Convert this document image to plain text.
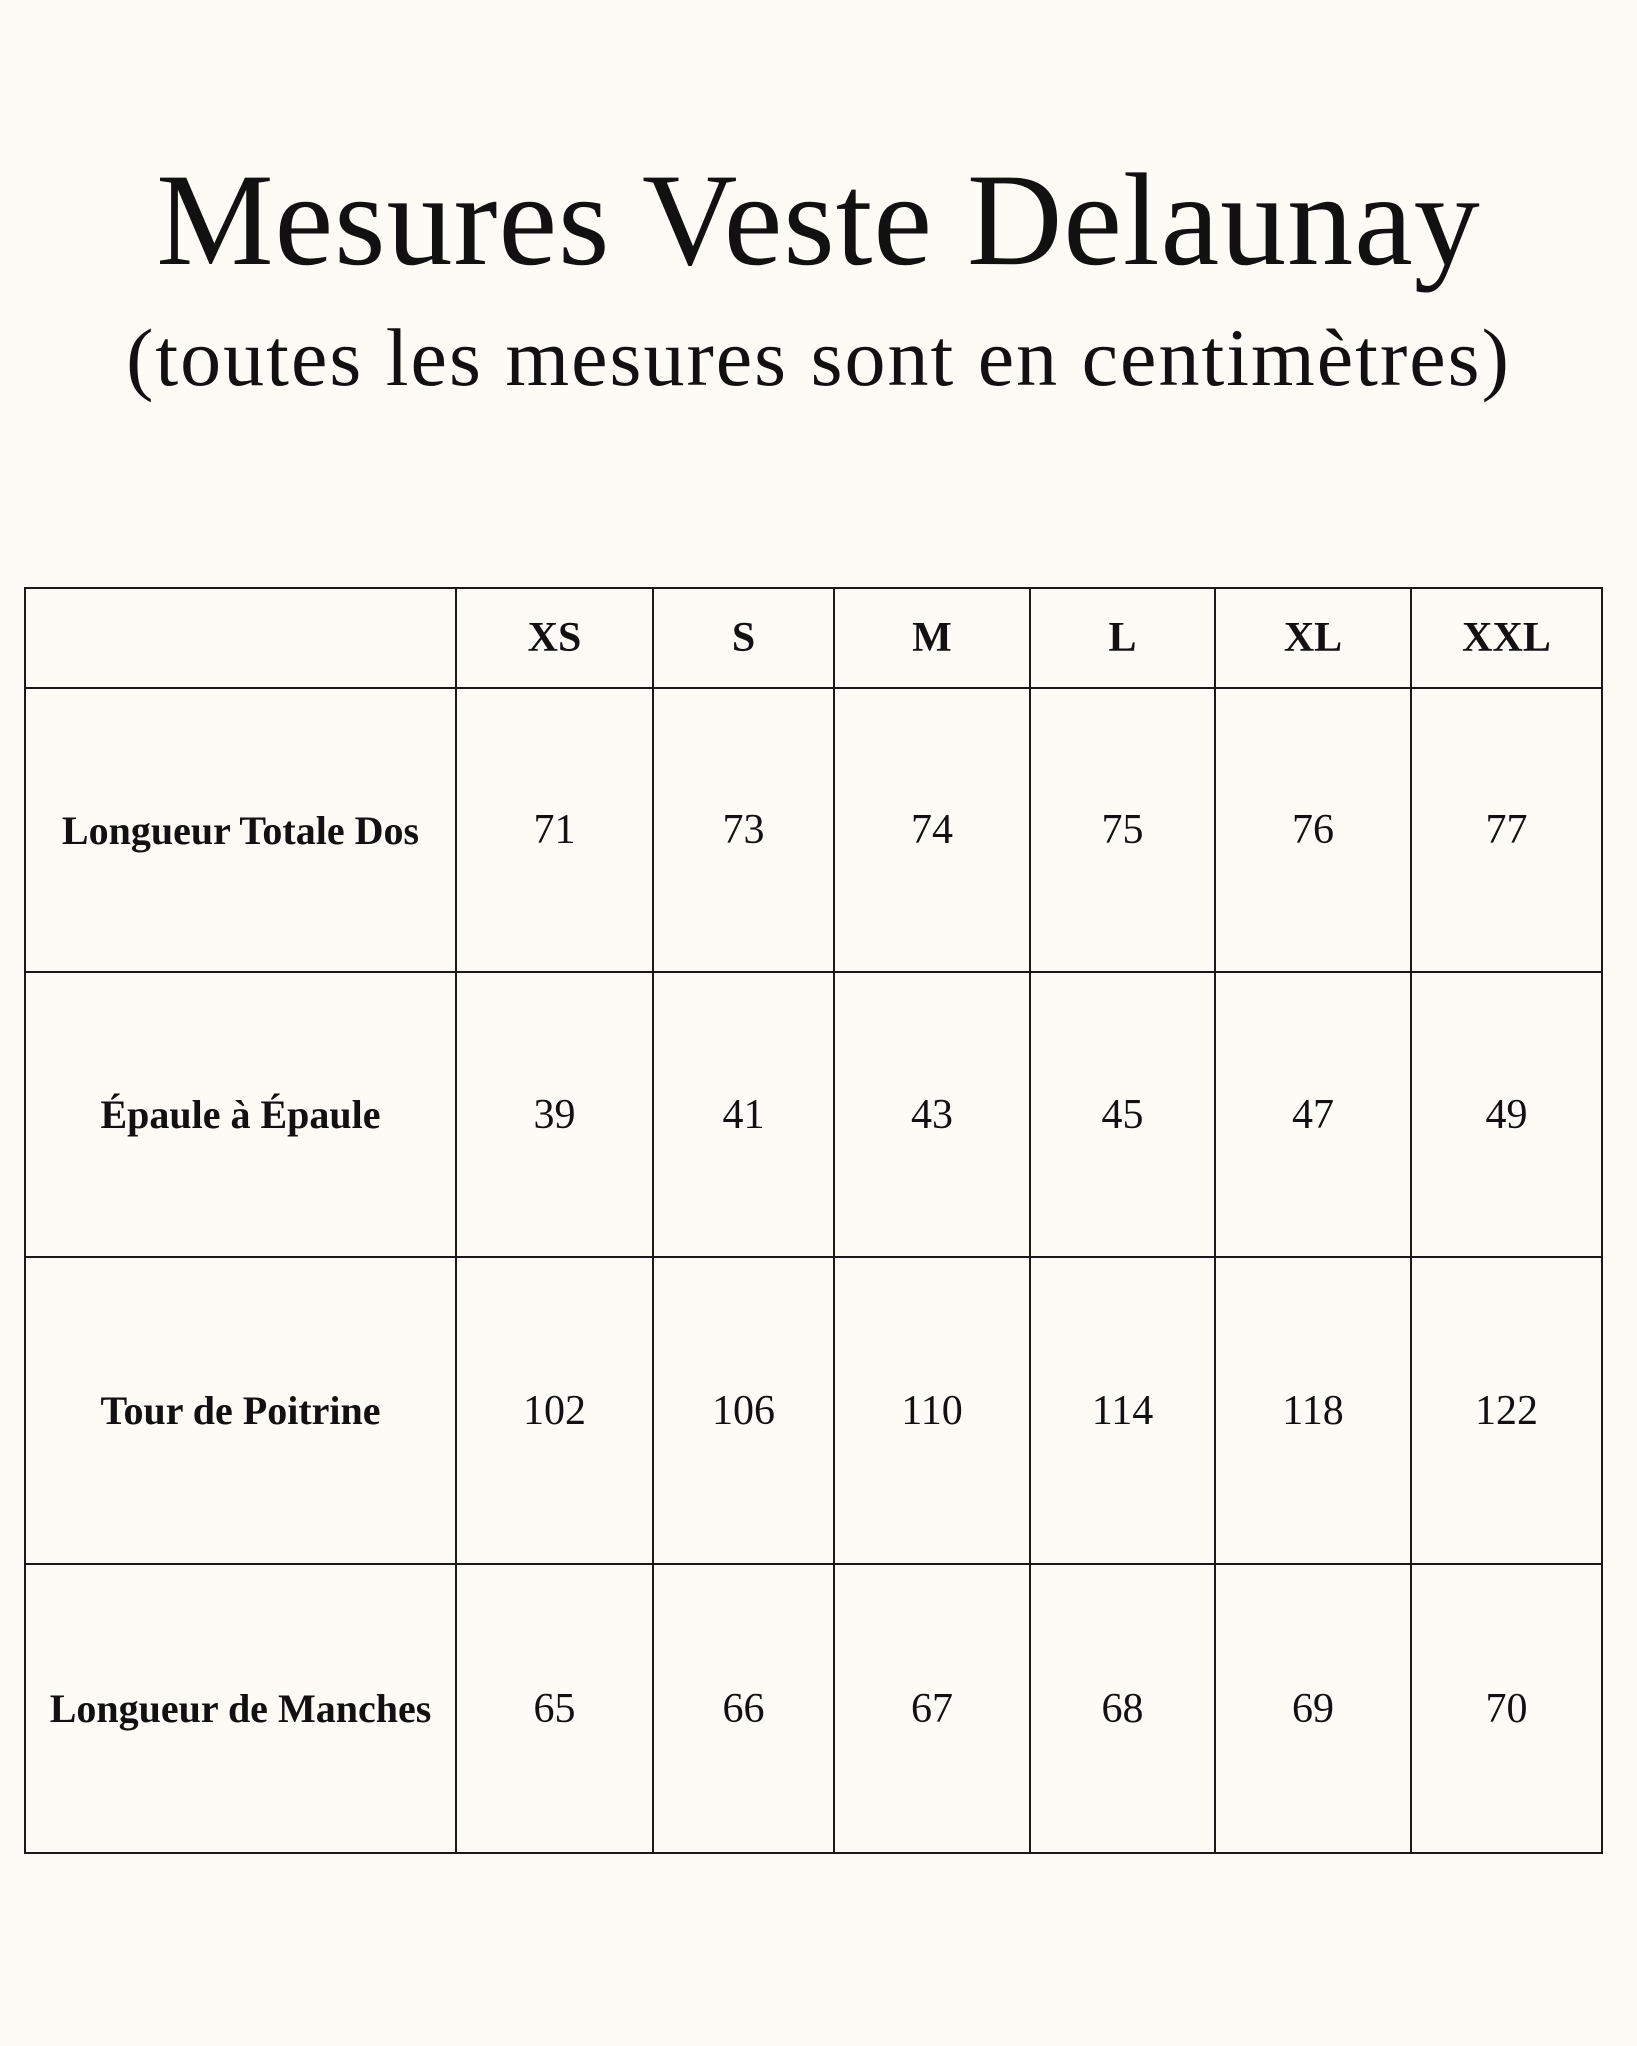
Mesures Veste Delaunay

(toutes les mesures sont en centimètres)

	XS	S	M	L	XL	XXL
Longueur Totale Dos	71	73	74	75	76	77
Épaule à Épaule	39	41	43	45	47	49
Tour de Poitrine	102	106	110	114	118	122
Longueur de Manches	65	66	67	68	69	70
